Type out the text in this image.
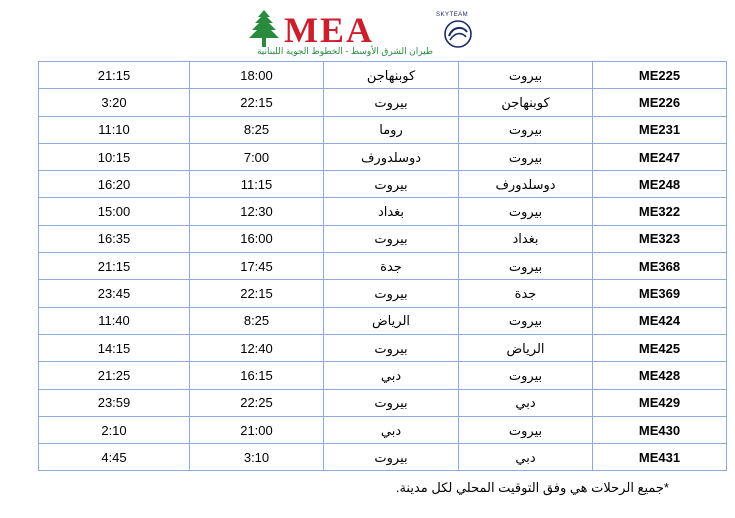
MEA
طيران الشرق الأوسط - الخطوط الجوية اللبنانية
SKYTEAM
21:15	18:00	كوبنهاجن	بيروت	ME225
3:20	22:15	بيروت	كوبنهاجن	ME226
11:10	8:25	روما	بيروت	ME231
10:15	7:00	دوسلدورف	بيروت	ME247
16:20	11:15	بيروت	دوسلدورف	ME248
15:00	12:30	بغداد	بيروت	ME322
16:35	16:00	بيروت	بغداد	ME323
21:15	17:45	جدة	بيروت	ME368
23:45	22:15	بيروت	جدة	ME369
11:40	8:25	الرياض	بيروت	ME424
14:15	12:40	بيروت	الرياض	ME425
21:25	16:15	دبي	بيروت	ME428
23:59	22:25	بيروت	دبي	ME429
2:10	21:00	دبي	بيروت	ME430
4:45	3:10	بيروت	دبي	ME431
*جميع الرحلات هي وفق التوقيت المحلي لكل مدينة.
